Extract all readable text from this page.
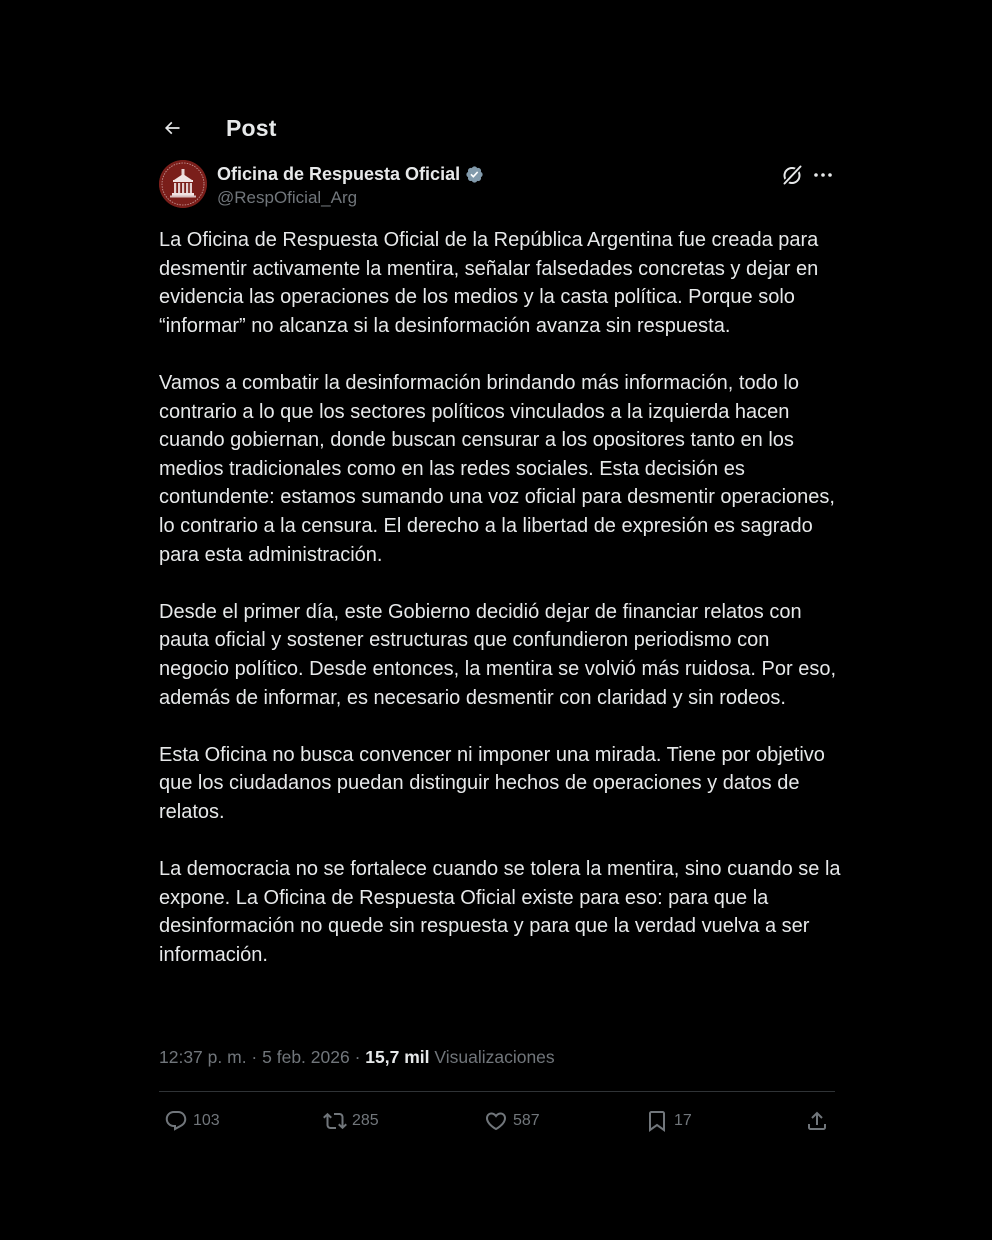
Post
Oficina de Respuesta Oficial
@RespOficial_Arg

La Oficina de Respuesta Oficial de la República Argentina fue creada para desmentir activamente la mentira, señalar falsedades concretas y dejar en evidencia las operaciones de los medios y la casta política. Porque solo “informar” no alcanza si la desinformación avanza sin respuesta.

Vamos a combatir la desinformación brindando más información, todo lo contrario a lo que los sectores políticos vinculados a la izquierda hacen cuando gobiernan, donde buscan censurar a los opositores tanto en los medios tradicionales como en las redes sociales. Esta decisión es contundente: estamos sumando una voz oficial para desmentir operaciones, lo contrario a la censura. El derecho a la libertad de expresión es sagrado para esta administración.

Desde el primer día, este Gobierno decidió dejar de financiar relatos con pauta oficial y sostener estructuras que confundieron periodismo con negocio político. Desde entonces, la mentira se volvió más ruidosa. Por eso, además de informar, es necesario desmentir con claridad y sin rodeos.

Esta Oficina no busca convencer ni imponer una mirada. Tiene por objetivo que los ciudadanos puedan distinguir hechos de operaciones y datos de relatos.

La democracia no se fortalece cuando se tolera la mentira, sino cuando se la expone. La Oficina de Respuesta Oficial existe para eso: para que la desinformación no quede sin respuesta y para que la verdad vuelva a ser información.

12:37 p. m. · 5 feb. 2026 · 15,7 mil Visualizaciones
103	285	587	17
